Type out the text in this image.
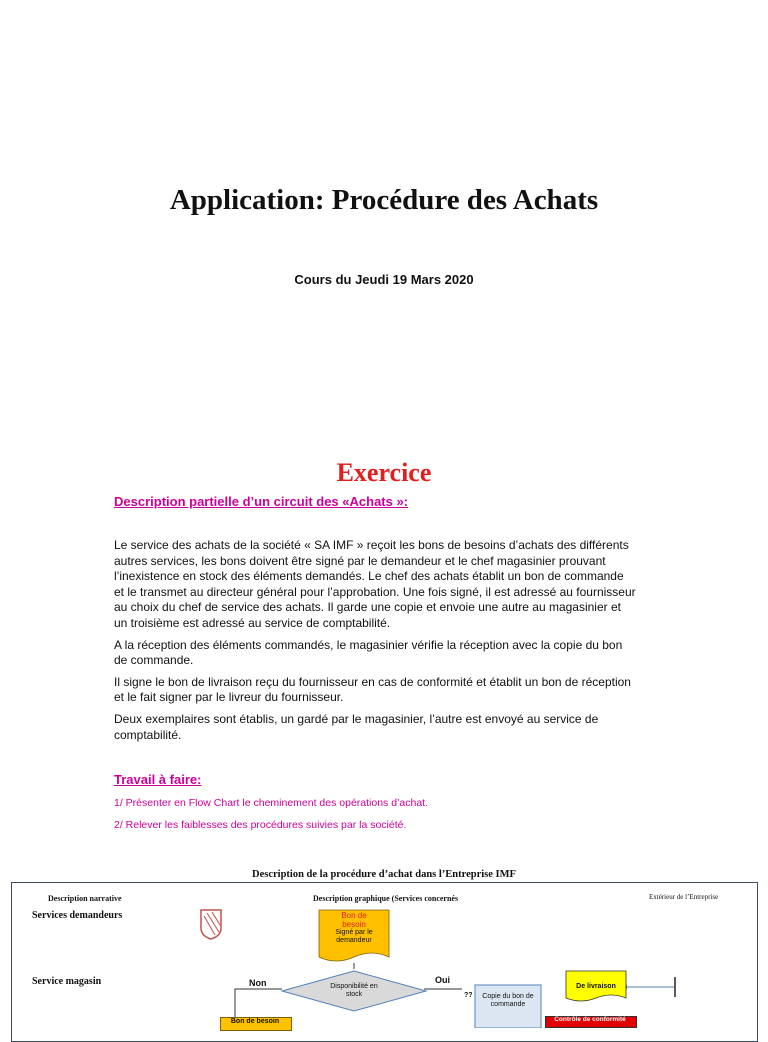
Application: Procédure des Achats
Cours du Jeudi 19 Mars 2020
Exercice
Description partielle d’un circuit des «Achats »:

Le service des achats de la société « SA IMF » reçoit les bons de besoins d’achats des différents autres services, les bons doivent être signé par le demandeur et le chef magasinier prouvant l’inexistence en stock des éléments demandés. Le chef des achats établit un bon de commande et le transmet au directeur général pour l’approbation. Une fois signé, il est adressé au fournisseur au choix du chef de service des achats. Il garde une copie et envoie une autre au magasinier et un troisième est adressé au service de comptabilité.

A la réception des éléments commandés, le magasinier vérifie la réception avec la copie du bon de commande.

Il signe le bon de livraison reçu du fournisseur en cas de conformité et établit un bon de réception et le fait signer par le livreur du fournisseur.

Deux exemplaires sont établis, un gardé par le magasinier, l’autre est envoyé au service de comptabilité.

Travail à faire:
1/ Présenter en Flow Chart le cheminement des opérations d’achat.
2/ Relever les faiblesses des procédures suivies par la société.
Description de la procédure d’achat dans l’Entreprise IMF
Description narrative	Description graphique (Services concernés	Extérieur de l’Entreprise
Services demandeurs
Service magasin
Bon de
besoin
Signé par le
demandeur
Disponibilité en
stock
Non	Oui
??	Copie du bon de
commande
De livraison
Contrôle de conformité
Bon de besoin
